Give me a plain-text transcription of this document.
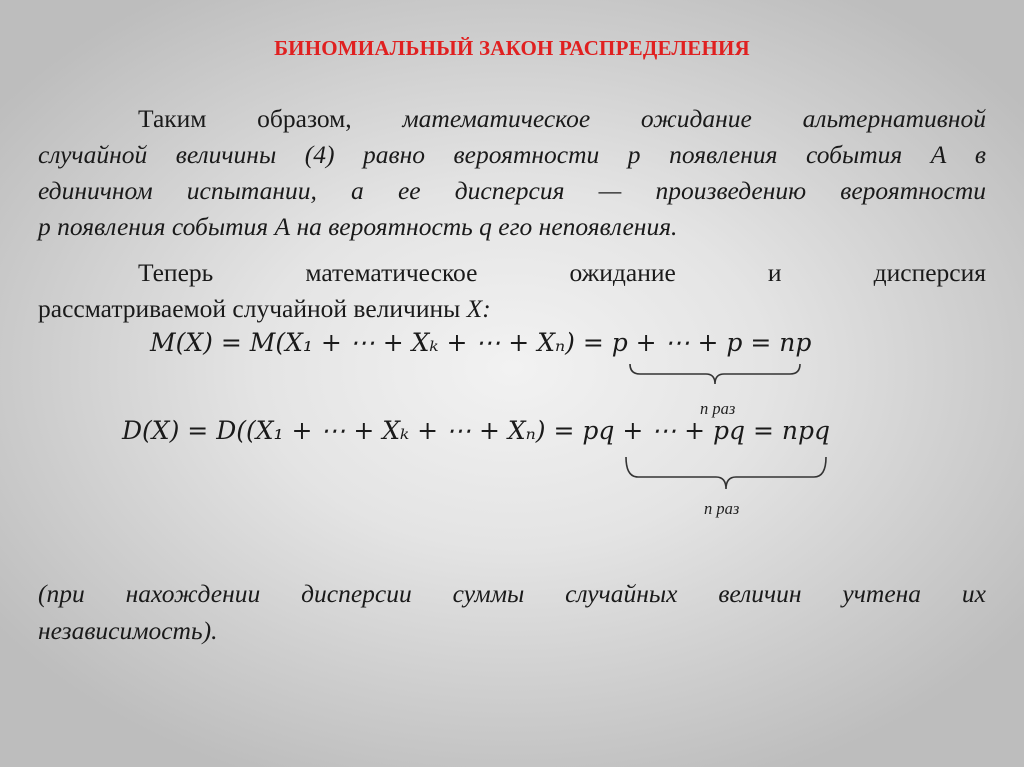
БИНОМИАЛЬНЫЙ ЗАКОН РАСПРЕДЕЛЕНИЯ
Таким образом, математическое ожидание альтернативной
случайной величины (4) равно вероятности р появления события А в
единичном испытании, а ее дисперсия — произведению вероятности
р появления события А на вероятность q его непоявления.
Теперь математическое ожидание и дисперсия
рассматриваемой случайной величины X:
M(X) = M(X₁ + ⋯ + Xₖ + ⋯ + Xₙ) = p + ⋯ + p = np
n раз
D(X) = D((X₁ + ⋯ + Xₖ + ⋯ + Xₙ) = pq + ⋯ + pq = npq
n раз
(при нахождении дисперсии суммы случайных величин учтена их
независимость).
